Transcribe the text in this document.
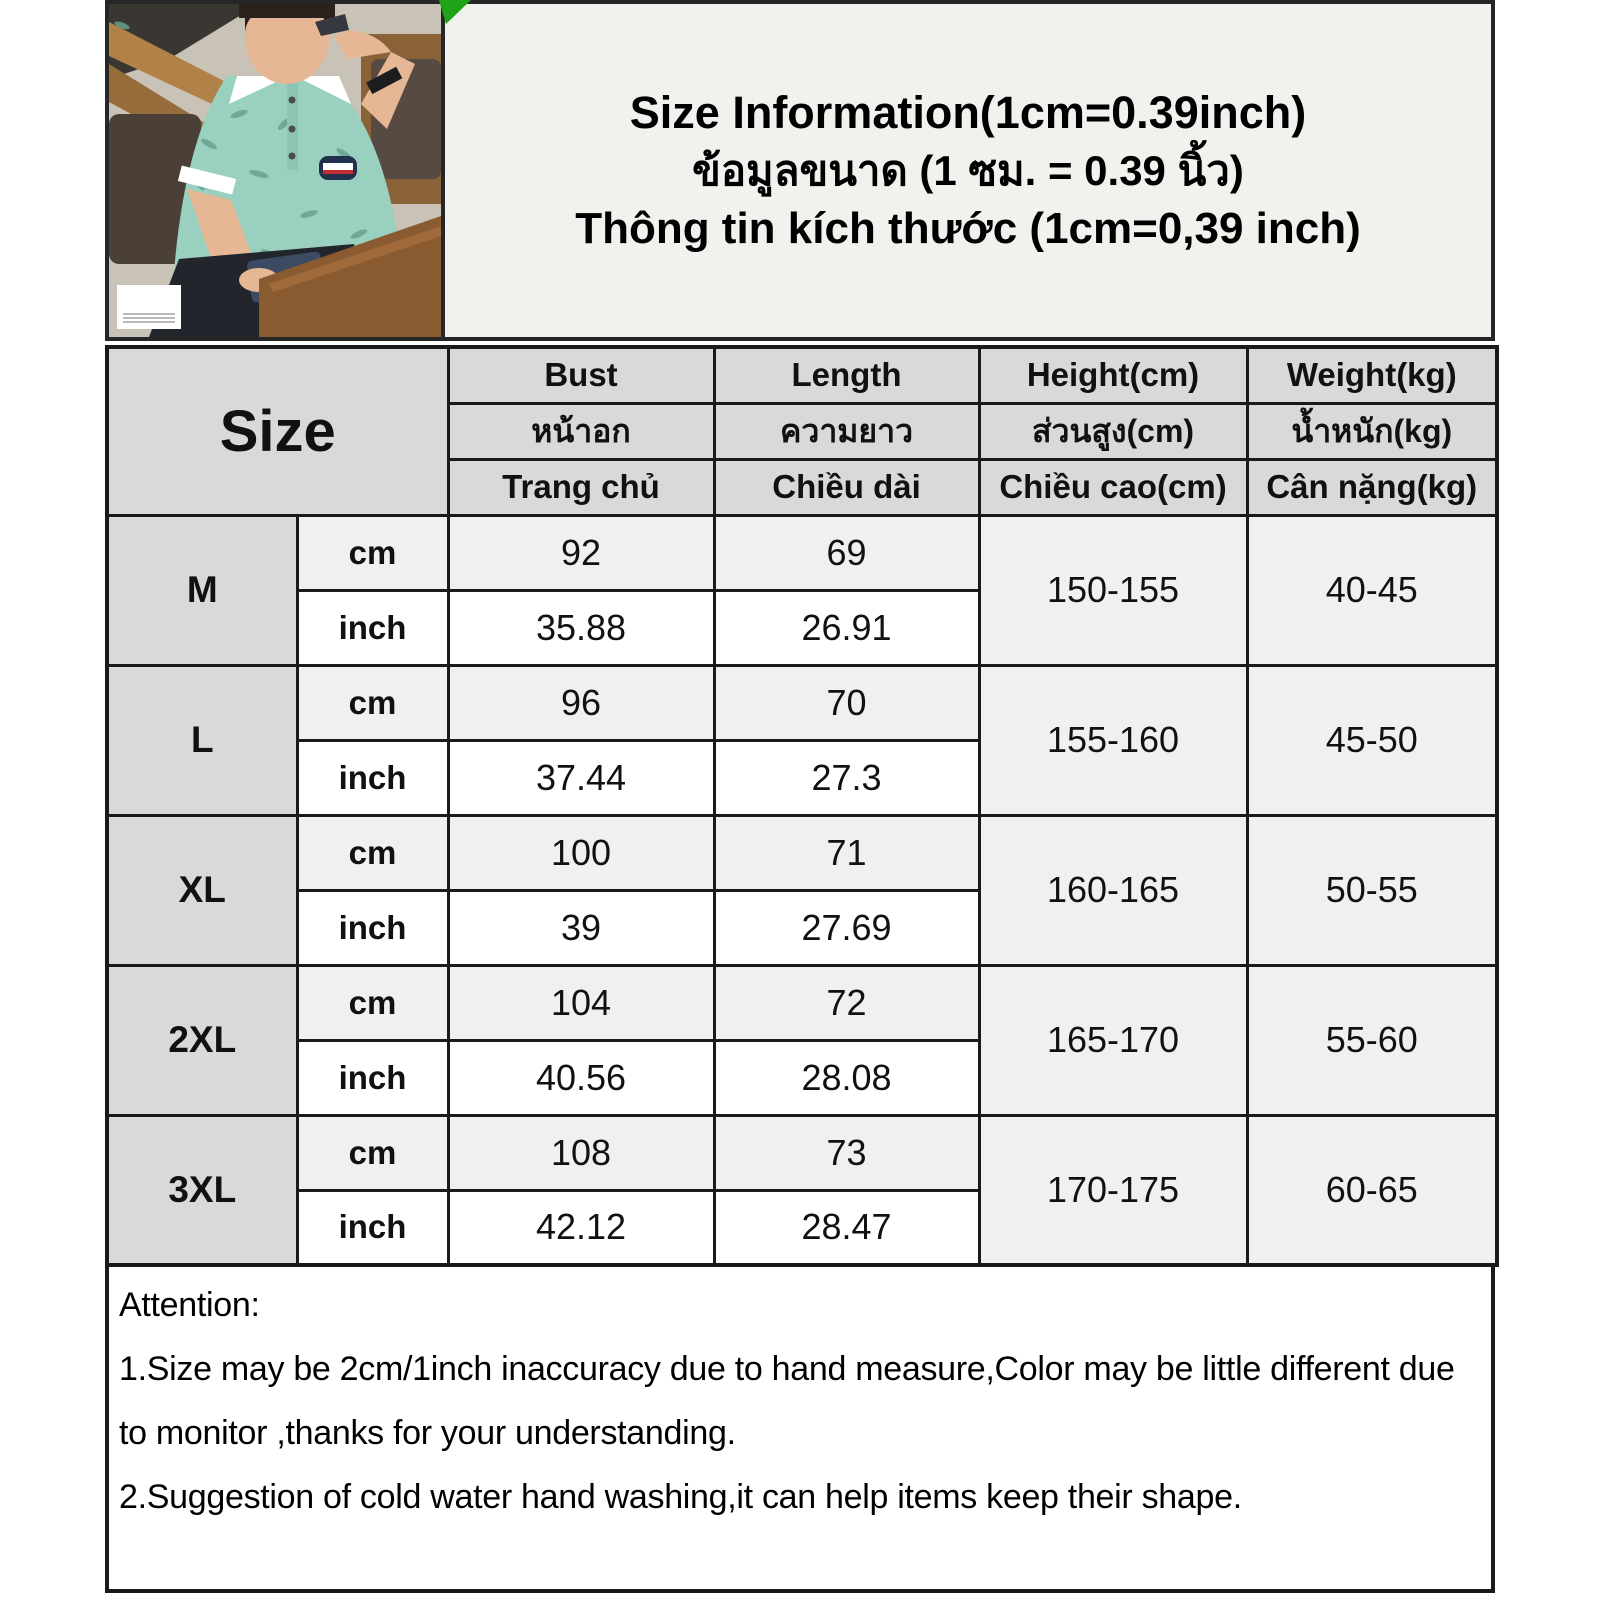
Size Information(1cm=0.39inch)
ข้อมูลขนาด (1 ซม. = 0.39 นิ้ว)
Thông tin kích thước (1cm=0,39 inch)
Size		Bust	Length	Height(cm)	Weight(kg)
		หน้าอก	ความยาว	ส่วนสูง(cm)	น้ำหนัก(kg)
		Trang chủ	Chiều dài	Chiều cao(cm)	Cân nặng(kg)
M	cm	92	69	150-155	40-45
	inch	35.88	26.91		
L	cm	96	70	155-160	45-50
	inch	37.44	27.3		
XL	cm	100	71	160-165	50-55
	inch	39	27.69		
2XL	cm	104	72	165-170	55-60
	inch	40.56	28.08		
3XL	cm	108	73	170-175	60-65
	inch	42.12	28.47		
Attention:
1.Size may be 2cm/1inch inaccuracy due to hand measure,Color may be little different due to monitor ,thanks for your understanding.
2.Suggestion of cold water hand washing,it can help items keep their shape.
